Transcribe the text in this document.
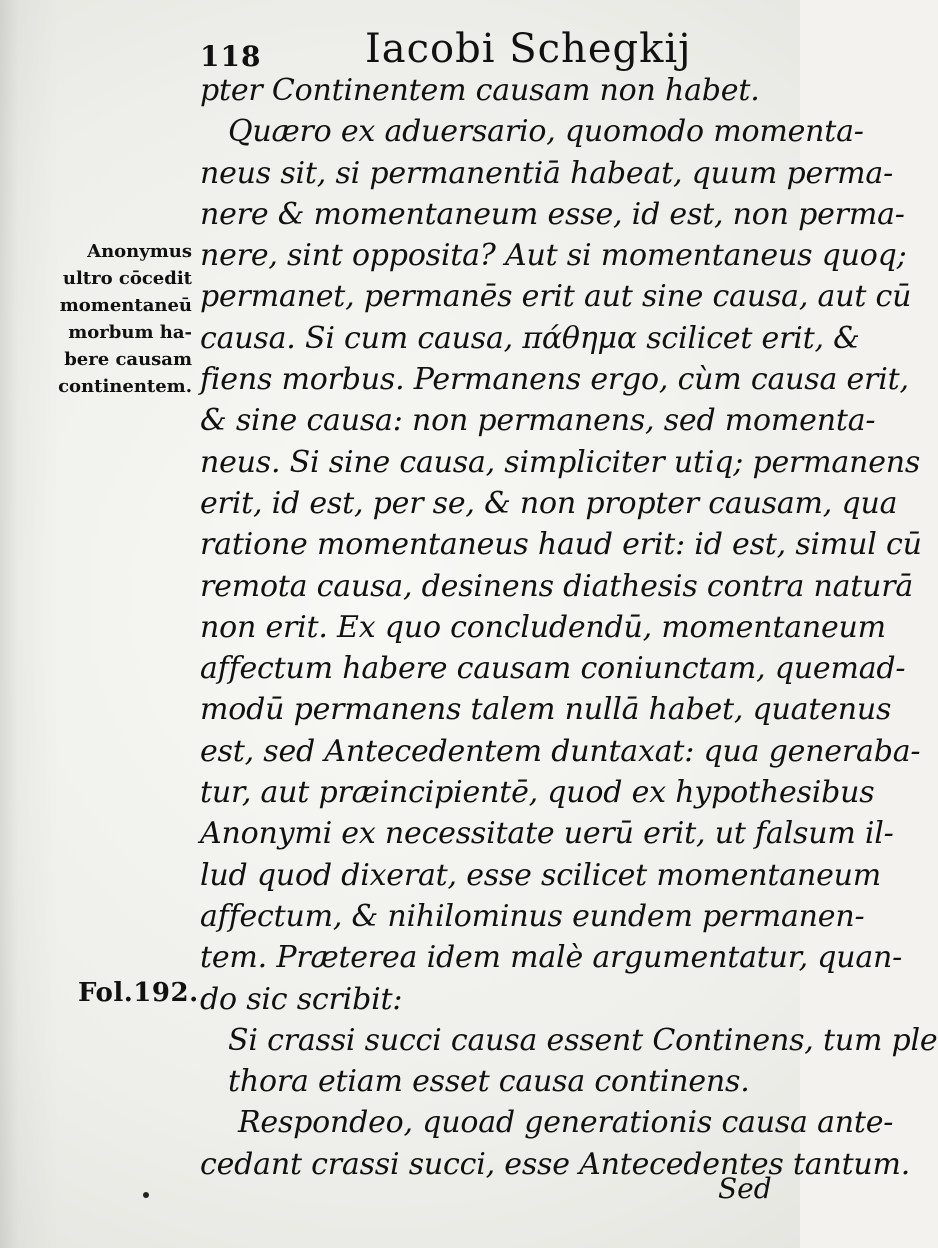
118	Iacobi Schegkij
Anonymus
ultro cōcedit
momentaneū
morbum ha-
bere causam
continentem.
Fol.192.
pter Continentem causam non habet.
Quæro ex aduersario, quomodo momenta-
neus sit, si permanentiā habeat, quum perma-
nere & momentaneum esse, id est, non perma-
nere, sint opposita? Aut si momentaneus quoq;
permanet, permanēs erit aut sine causa, aut cū
causa. Si cum causa, πάθημα scilicet erit, &
fiens morbus. Permanens ergo, cùm causa erit,
& sine causa: non permanens, sed momenta-
neus. Si sine causa, simpliciter utiq; permanens
erit, id est, per se, & non propter causam, qua
ratione momentaneus haud erit: id est, simul cū
remota causa, desinens diathesis contra naturā
non erit. Ex quo concludendū, momentaneum
affectum habere causam coniunctam, quemad-
modū permanens talem nullā habet, quatenus
est, sed Antecedentem duntaxat: qua generaba-
tur, aut præincipientē, quod ex hypothesibus
Anonymi ex necessitate uerū erit, ut falsum il-
lud quod dixerat, esse scilicet momentaneum
affectum, & nihilominus eundem permanen-
tem. Præterea idem malè argumentatur, quan-
do sic scribit:
Si crassi succi causa essent Continens, tum ple
thora etiam esset causa continens.
Respondeo, quoad generationis causa ante-
cedant crassi succi, esse Antecedentes tantum.
Sed
